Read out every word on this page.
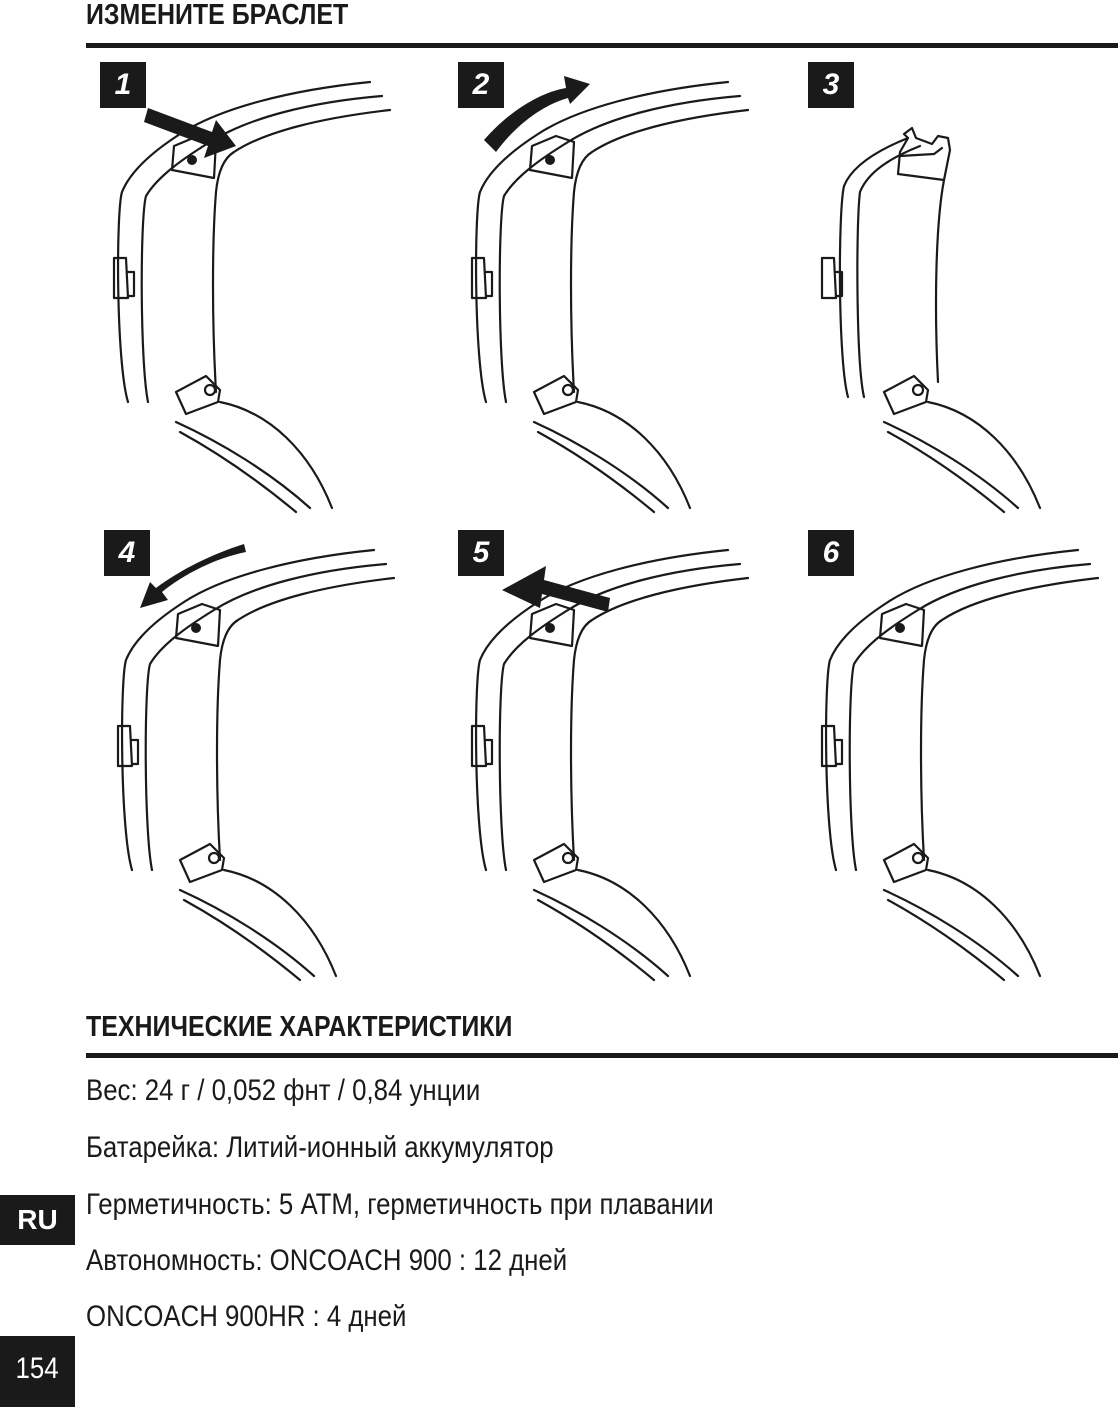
ИЗМЕНИТЕ БРАСЛЕТ
1	2	3
4	5	6
ТЕХНИЧЕСКИЕ ХАРАКТЕРИСТИКИ

Вес: 24 г / 0,052 фнт / 0,84 унции

Батарейка: Литий-ионный аккумулятор

Герметичность: 5 АТМ, герметичность при плавании

Автономность: ONCOACH 900 : 12 дней

ONCOACH 900HR : 4 дней

RU
154
